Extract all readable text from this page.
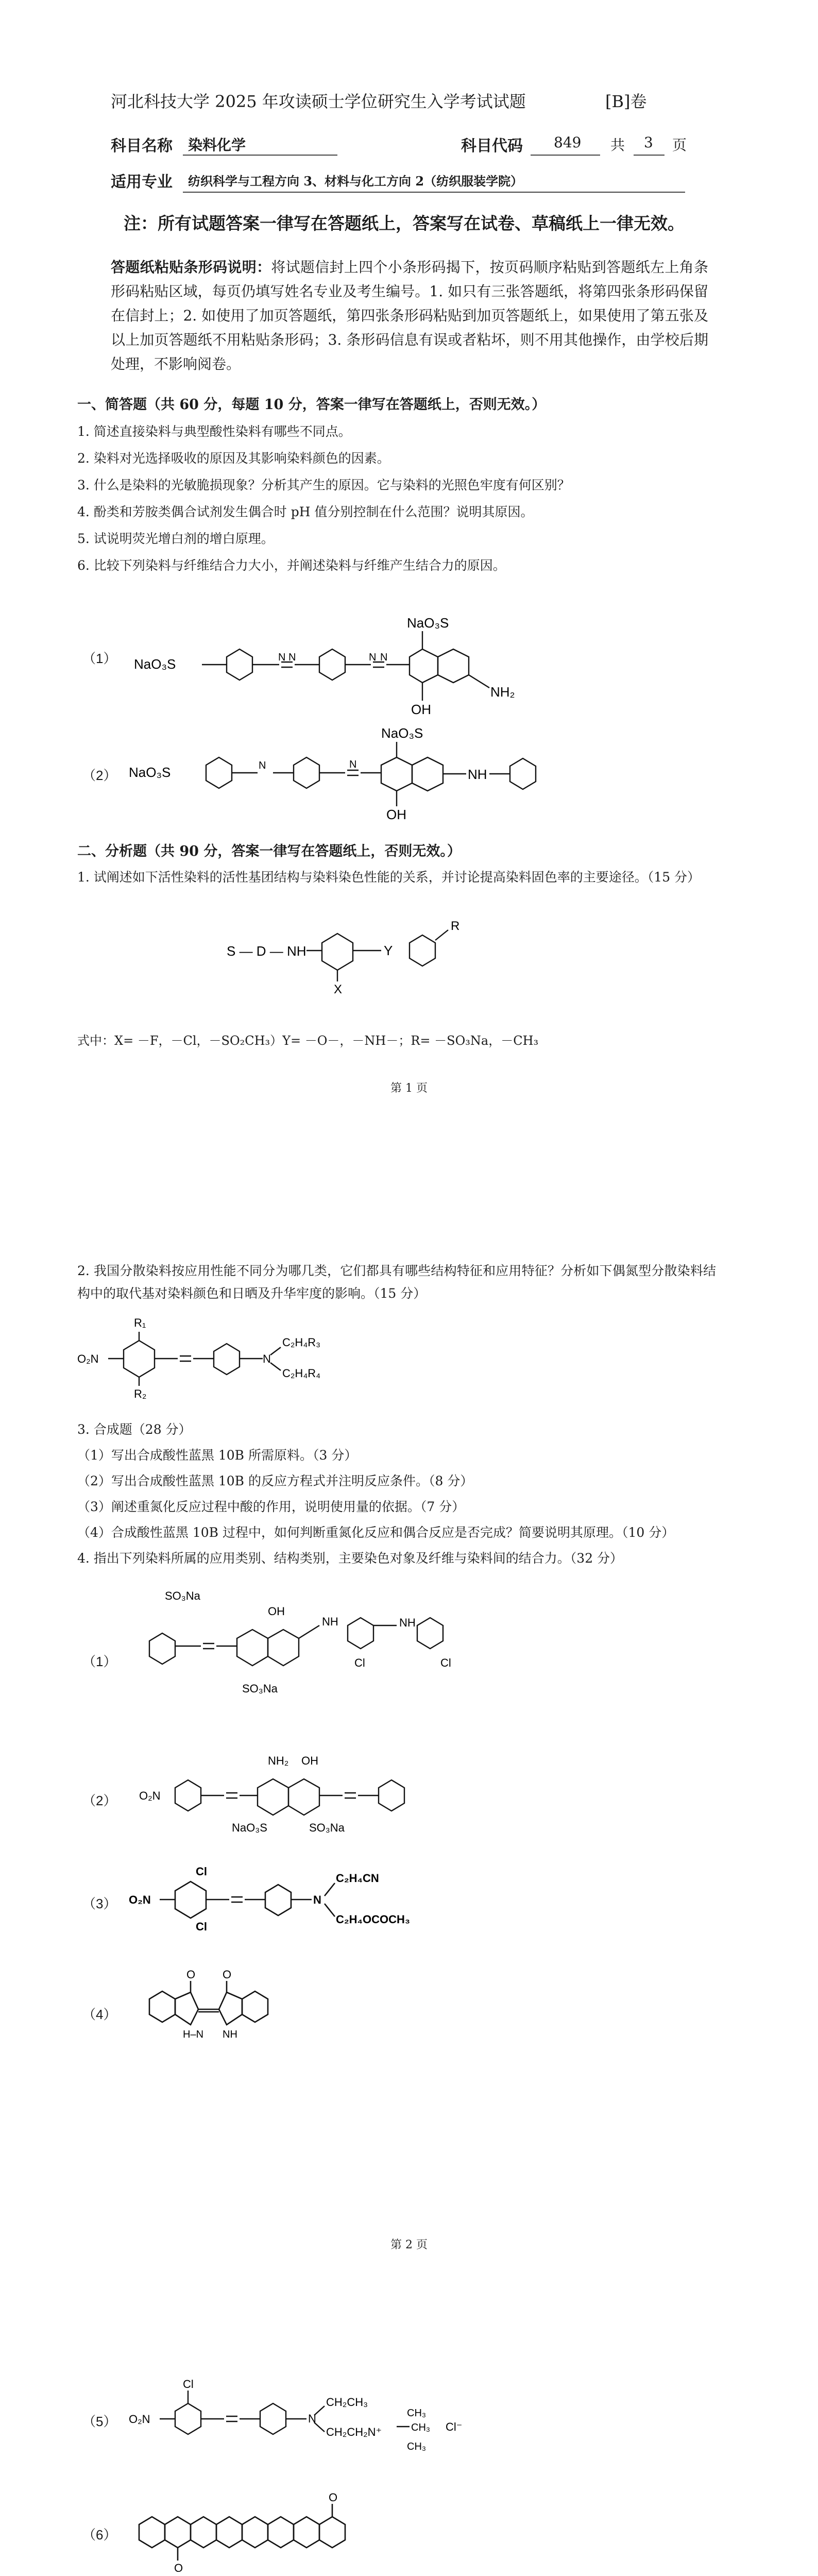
河北科技大学 2025 年攻读硕士学位研究生入学考试试题	[B]卷
科目名称 染料化学	科目代码 849 共 3 页
适用专业 纺织科学与工程方向 3、材料与化工方向 2（纺织服装学院）
注：所有试题答案一律写在答题纸上，答案写在试卷、草稿纸上一律无效。
答题纸粘贴条形码说明：将试题信封上四个小条形码揭下，按页码顺序粘贴到答题纸左上角条形码粘贴区域，每页仍填写姓名专业及考生编号。1. 如只有三张答题纸，将第四张条形码保留在信封上；2. 如使用了加页答题纸，第四张条形码粘贴到加页答题纸上，如果使用了第五张及以上加页答题纸不用粘贴条形码；3. 条形码信息有误或者粘坏，则不用其他操作，由学校后期处理，不影响阅卷。
一、简答题（共 60 分，每题 10 分，答案一律写在答题纸上，否则无效。）
1. 简述直接染料与典型酸性染料有哪些不同点。
2. 染料对光选择吸收的原因及其影响染料颜色的因素。
3. 什么是染料的光敏脆损现象？分析其产生的原因。它与染料的光照色牢度有何区别？
4. 酚类和芳胺类偶合试剂发生偶合时 pH 值分别控制在什么范围？说明其原因。
5. 试说明荧光增白剂的增白原理。
6. 比较下列染料与纤维结合力大小，并阐述染料与纤维产生结合力的原因。
（1） NaO₃S	N N	N N
NaO₃S
OH
NH₂
（2） NaO₃S	N	N
NaO₃S
OH
NH
二、分析题（共 90 分，答案一律写在答题纸上，否则无效。）
1. 试阐述如下活性染料的活性基团结构与染料染色性能的关系，并讨论提高染料固色率的主要途径。（15 分）
S — D — NH
X
Y
R
式中：X= －F，－Cl，－SO₂CH₃）Y= －O－，－NH－；R= －SO₃Na，－CH₃
第 1 页
2. 我国分散染料按应用性能不同分为哪几类，它们都具有哪些结构特征和应用特征？分析如下偶氮型分散染料结构中的取代基对染料颜色和日晒及升华牢度的影响。（15 分）
O₂N
R₁
R₂
N
C₂H₄R₃
C₂H₄R₄
3. 合成题（28 分）
（1）写出合成酸性蓝黑 10B 所需原料。（3 分）
（2）写出合成酸性蓝黑 10B 的反应方程式并注明反应条件。（8 分）
（3）阐述重氮化反应过程中酸的作用，说明使用量的依据。（7 分）
（4）合成酸性蓝黑 10B 过程中，如何判断重氮化反应和偶合反应是否完成？简要说明其原理。（10 分）
4. 指出下列染料所属的应用类别、结构类别，主要染色对象及纤维与染料间的结合力。（32 分）
（1）
SO₃Na
OH
NH	NH
Cl	Cl
SO₃Na
（2） O₂N
NH₂ OH
NaO₃S	SO₃Na
（3） O₂N
Cl
Cl
N
C₂H₄CN
C₂H₄OCOCH₃
（4）
O O
H–N NH
第 2 页
（5） O₂N
Cl
N
CH₂CH₃
CH₂CH₂N⁺
CH₃
CH₃
CH₃
Cl⁻
（6）
O
O
